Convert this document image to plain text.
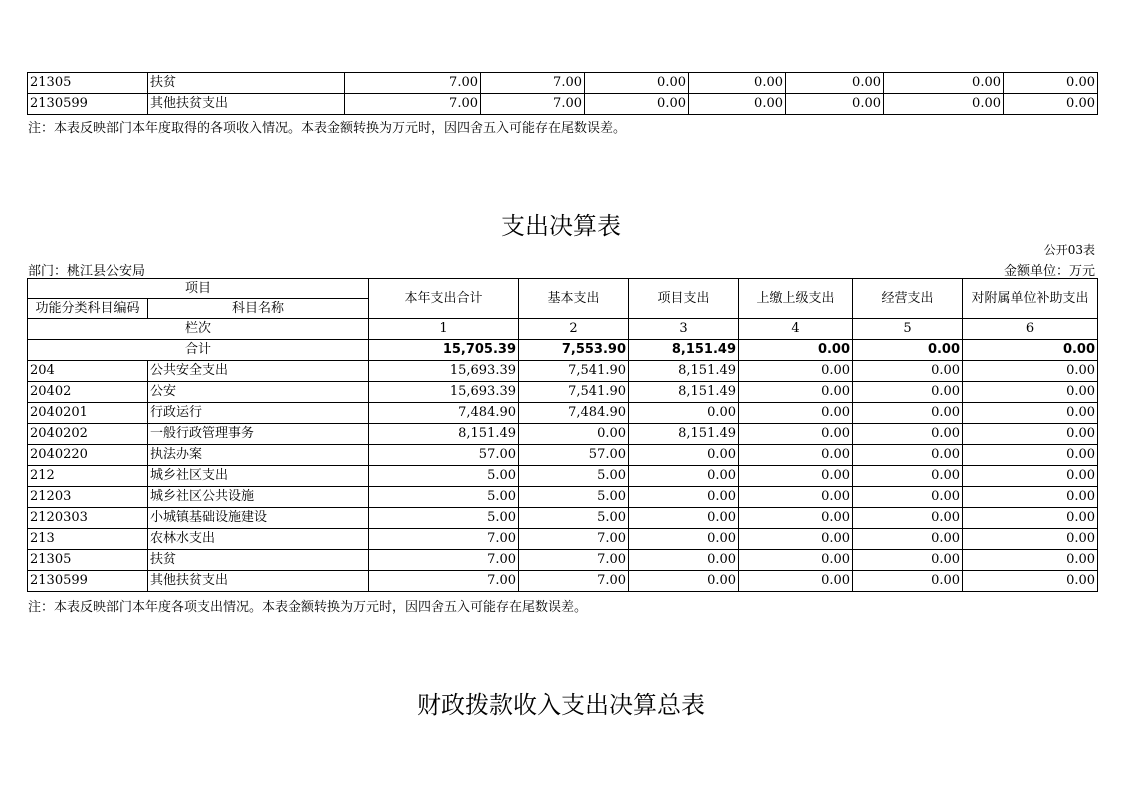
21305	扶贫	7.00	7.00	0.00	0.00	0.00	0.00	0.00
2130599	其他扶贫支出	7.00	7.00	0.00	0.00	0.00	0.00	0.00
注：本表反映部门本年度取得的各项收入情况。本表金额转换为万元时，因四舍五入可能存在尾数误差。
支出决算表
公开03表
部门：桃江县公安局	金额单位：万元
项目		本年支出合计	基本支出	项目支出	上缴上级支出	经营支出	对附属单位补助支出
功能分类科目编码	科目名称						
栏次		1	2	3	4	5	6
合计		15,705.39	7,553.90	8,151.49	0.00	0.00	0.00
204	公共安全支出	15,693.39	7,541.90	8,151.49	0.00	0.00	0.00
20402	公安	15,693.39	7,541.90	8,151.49	0.00	0.00	0.00
2040201	行政运行	7,484.90	7,484.90	0.00	0.00	0.00	0.00
2040202	一般行政管理事务	8,151.49	0.00	8,151.49	0.00	0.00	0.00
2040220	执法办案	57.00	57.00	0.00	0.00	0.00	0.00
212	城乡社区支出	5.00	5.00	0.00	0.00	0.00	0.00
21203	城乡社区公共设施	5.00	5.00	0.00	0.00	0.00	0.00
2120303	小城镇基础设施建设	5.00	5.00	0.00	0.00	0.00	0.00
213	农林水支出	7.00	7.00	0.00	0.00	0.00	0.00
21305	扶贫	7.00	7.00	0.00	0.00	0.00	0.00
2130599	其他扶贫支出	7.00	7.00	0.00	0.00	0.00	0.00
注：本表反映部门本年度各项支出情况。本表金额转换为万元时，因四舍五入可能存在尾数误差。
财政拨款收入支出决算总表
